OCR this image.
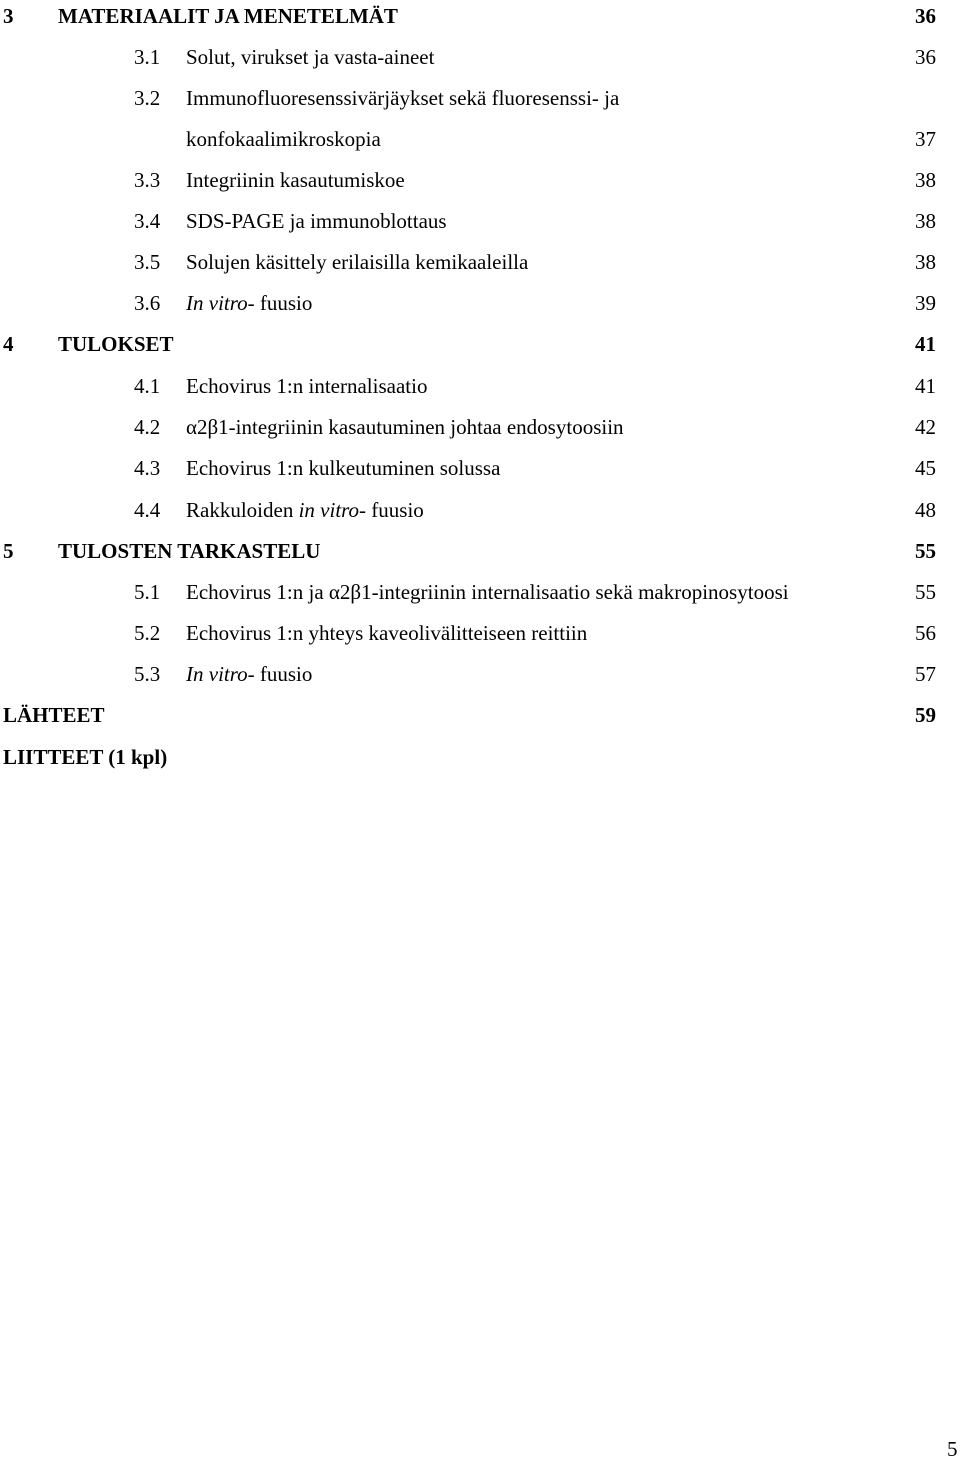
3 MATERIAALIT JA MENETELMÄT	36
3.1 Solut, virukset ja vasta-aineet	36
3.2 Immunofluoresenssivärjäykset sekä fluoresenssi- ja
konfokaalimikroskopia	37
3.3 Integriinin kasautumiskoe	38
3.4 SDS-PAGE ja immunoblottaus	38
3.5 Solujen käsittely erilaisilla kemikaaleilla	38
3.6 In vitro- fuusio	39
4 TULOKSET	41
4.1 Echovirus 1:n internalisaatio	41
4.2 α2β1-integriinin kasautuminen johtaa endosytoosiin	42
4.3 Echovirus 1:n kulkeutuminen solussa	45
4.4 Rakkuloiden in vitro- fuusio	48
5 TULOSTEN TARKASTELU	55
5.1 Echovirus 1:n ja α2β1-integriinin internalisaatio sekä makropinosytoosi	55
5.2 Echovirus 1:n yhteys kaveolivälitteiseen reittiin	56
5.3 In vitro- fuusio	57
LÄHTEET	59
LIITTEET (1 kpl)
5
